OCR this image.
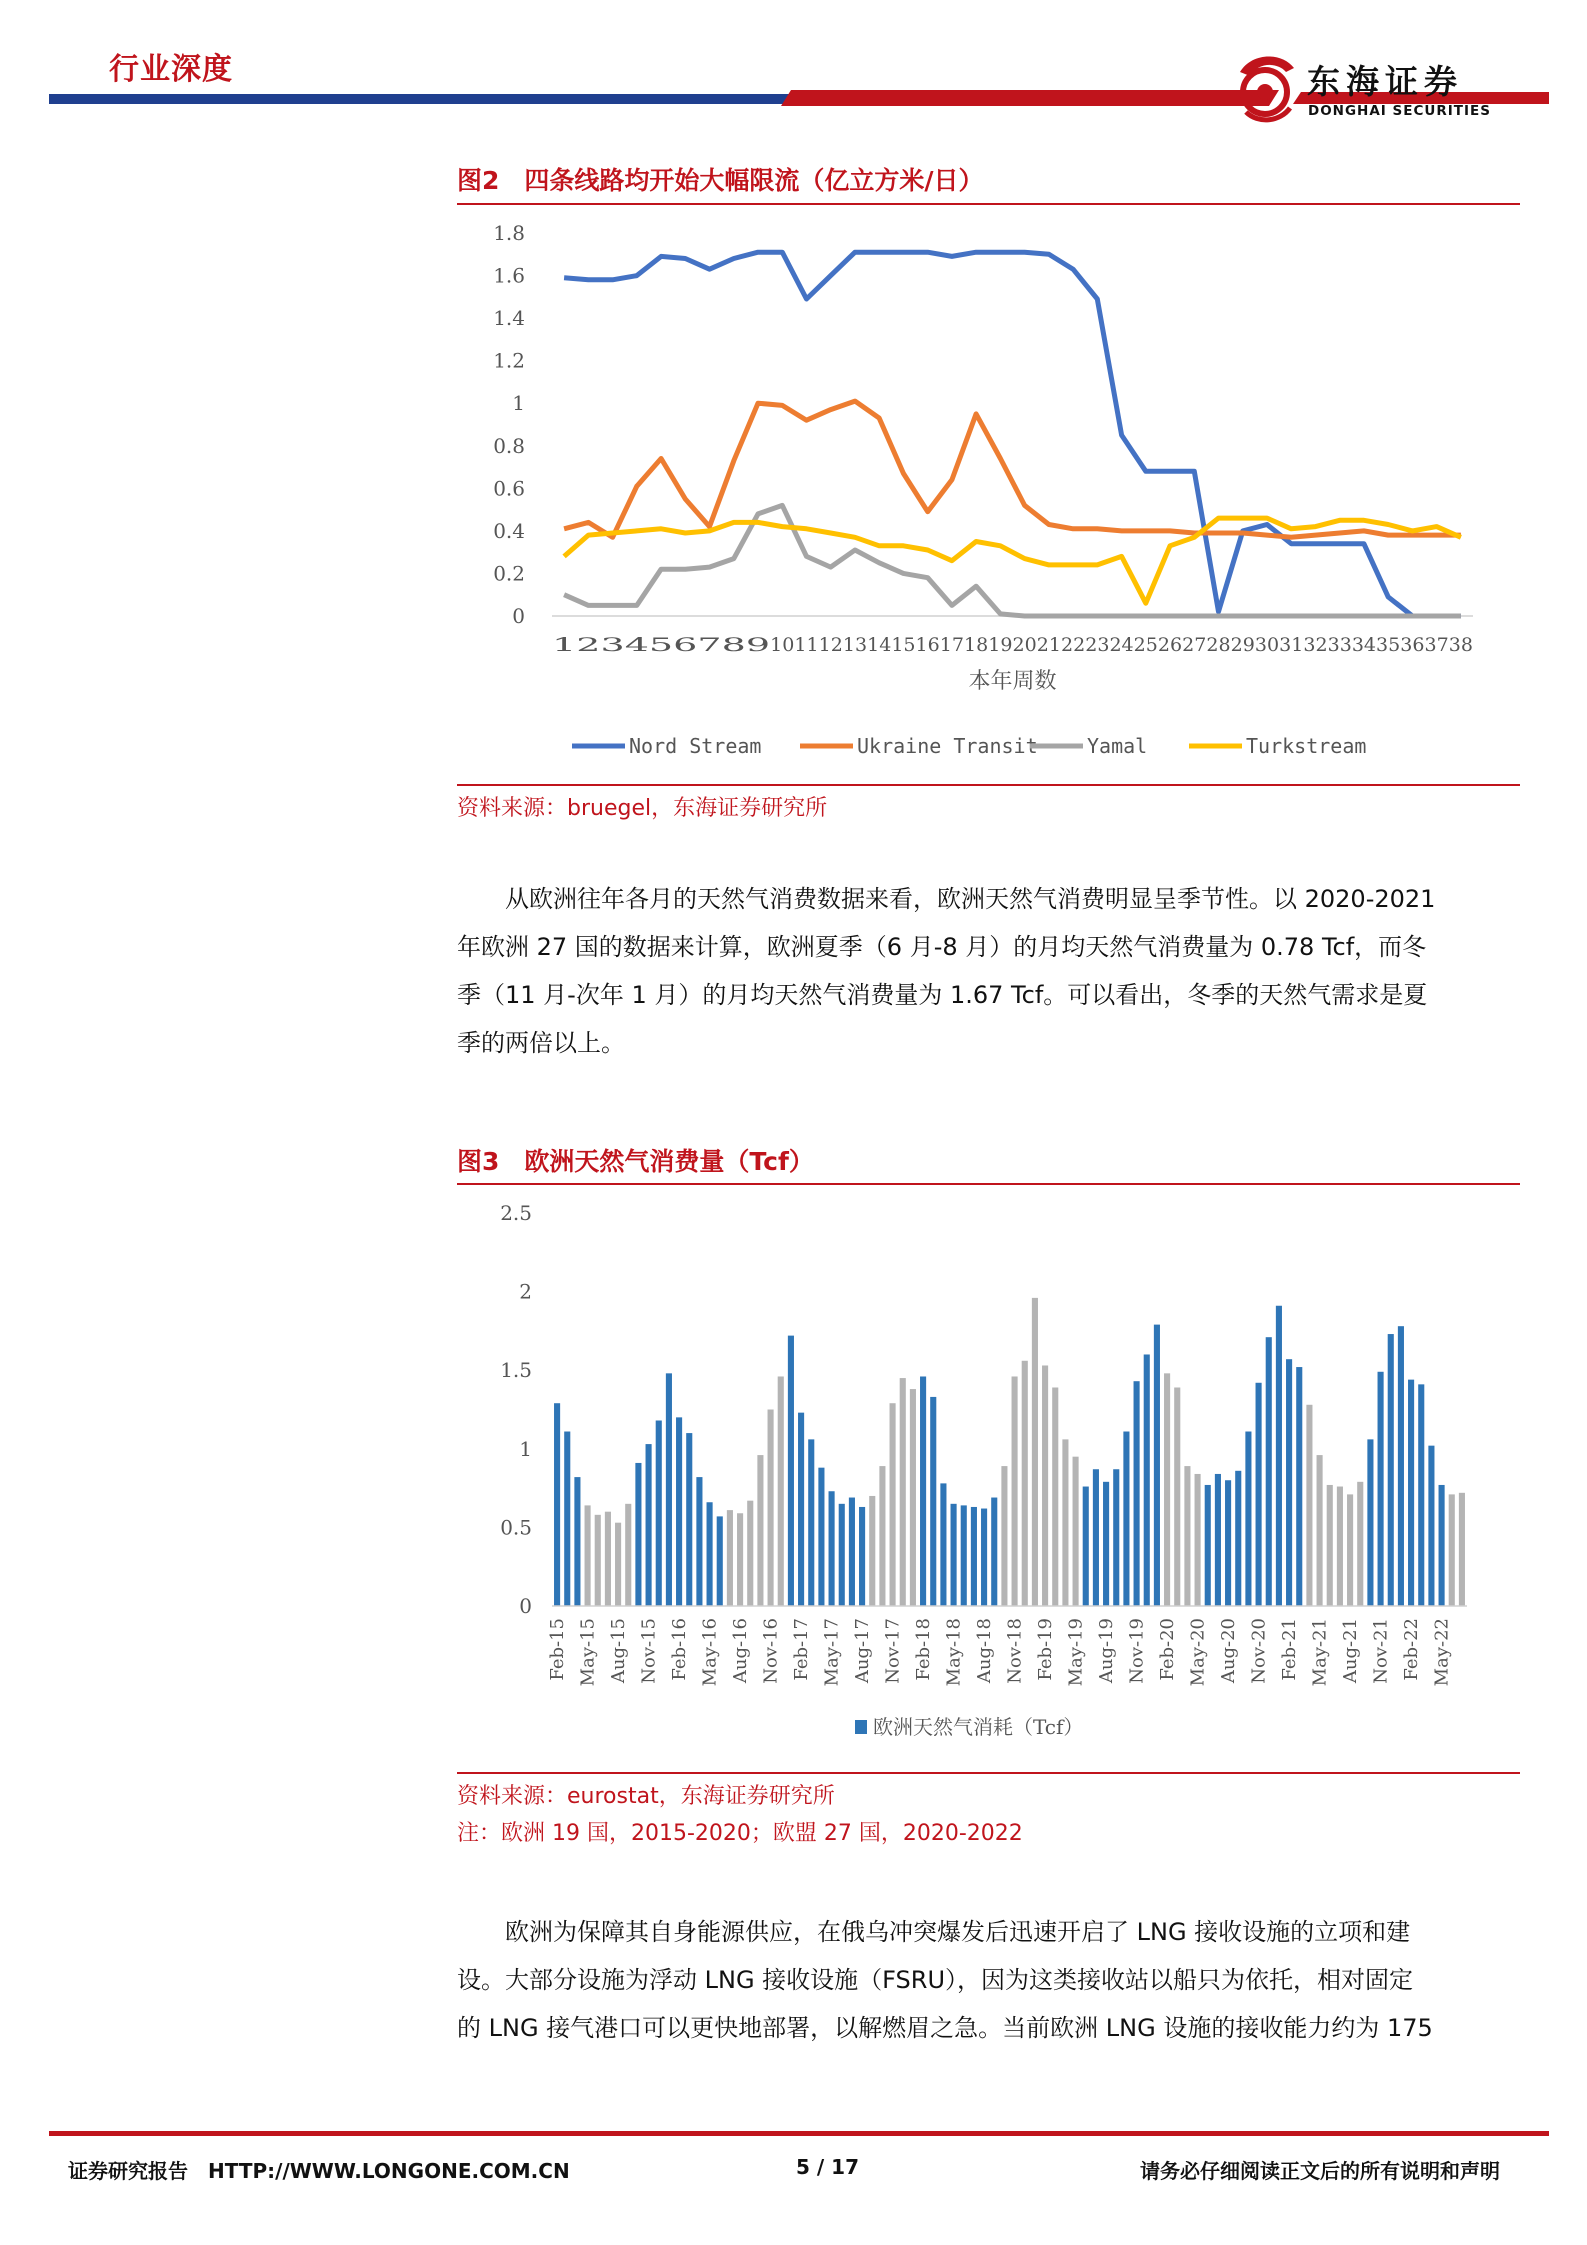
行业深度	东海证券
DONGHAI SECURITIES
图2　四条线路均开始大幅限流（亿立方米/日）
0
0.2
0.4
0.6
0.8
1
1.2
1.4
1.6
1.8
1 2 3 4 5 6 7 8 9 10 11 12 13 14 15 16 17 18 19 20 21 22 23 24 25 26 27 28 29 30 31 32 33 34 35 36 37 38
本年周数
Nord Stream	Ukraine Transit Yamal	Turkstream
资料来源：bruegel，东海证券研究所
从欧洲往年各月的天然气消费数据来看，欧洲天然气消费明显呈季节性。以 2020-2021
年欧洲 27 国的数据来计算，欧洲夏季（6 月-8 月）的月均天然气消费量为 0.78 Tcf，而冬
季（11 月-次年 1 月）的月均天然气消费量为 1.67 Tcf。可以看出，冬季的天然气需求是夏
季的两倍以上。
图3　欧洲天然气消费量（Tcf）
0
0.5
1
1.5
2
2.5
Feb-15 May-15 Aug-15 Nov-15 Feb-16 May-16 Aug-16 Nov-16 Feb-17 May-17 Aug-17 Nov-17 Feb-18 May-18 Aug-18 Nov-18 Feb-19 May-19 Aug-19 Nov-19 Feb-20 May-20 Aug-20 Nov-20 Feb-21 May-21 Aug-21 Nov-21 Feb-22 May-22
欧洲天然气消耗（Tcf）
资料来源：eurostat，东海证券研究所
注：欧洲 19 国，2015-2020；欧盟 27 国，2020-2022
欧洲为保障其自身能源供应，在俄乌冲突爆发后迅速开启了 LNG 接收设施的立项和建
设。大部分设施为浮动 LNG 接收设施（FSRU），因为这类接收站以船只为依托，相对固定
的 LNG 接气港口可以更快地部署，以解燃眉之急。当前欧洲 LNG 设施的接收能力约为 175
证券研究报告　HTTP://WWW.LONGONE.COM.CN	5 / 17	请务必仔细阅读正文后的所有说明和声明
